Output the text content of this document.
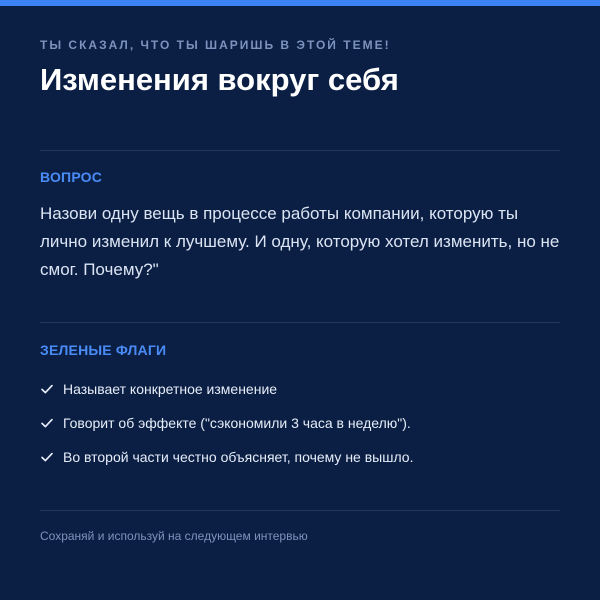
ТЫ СКАЗАЛ, ЧТО ТЫ ШАРИШЬ В ЭТОЙ ТЕМЕ!
Изменения вокруг себя
ВОПРОС
Назови одну вещь в процессе работы компании, которую ты лично изменил к лучшему. И одну, которую хотел изменить, но не смог. Почему?"
ЗЕЛЕНЫЕ ФЛАГИ
Называет конкретное изменение
Говорит об эффекте ("сэкономили 3 часа в неделю").
Во второй части честно объясняет, почему не вышло.
Сохраняй и используй на следующем интервью
